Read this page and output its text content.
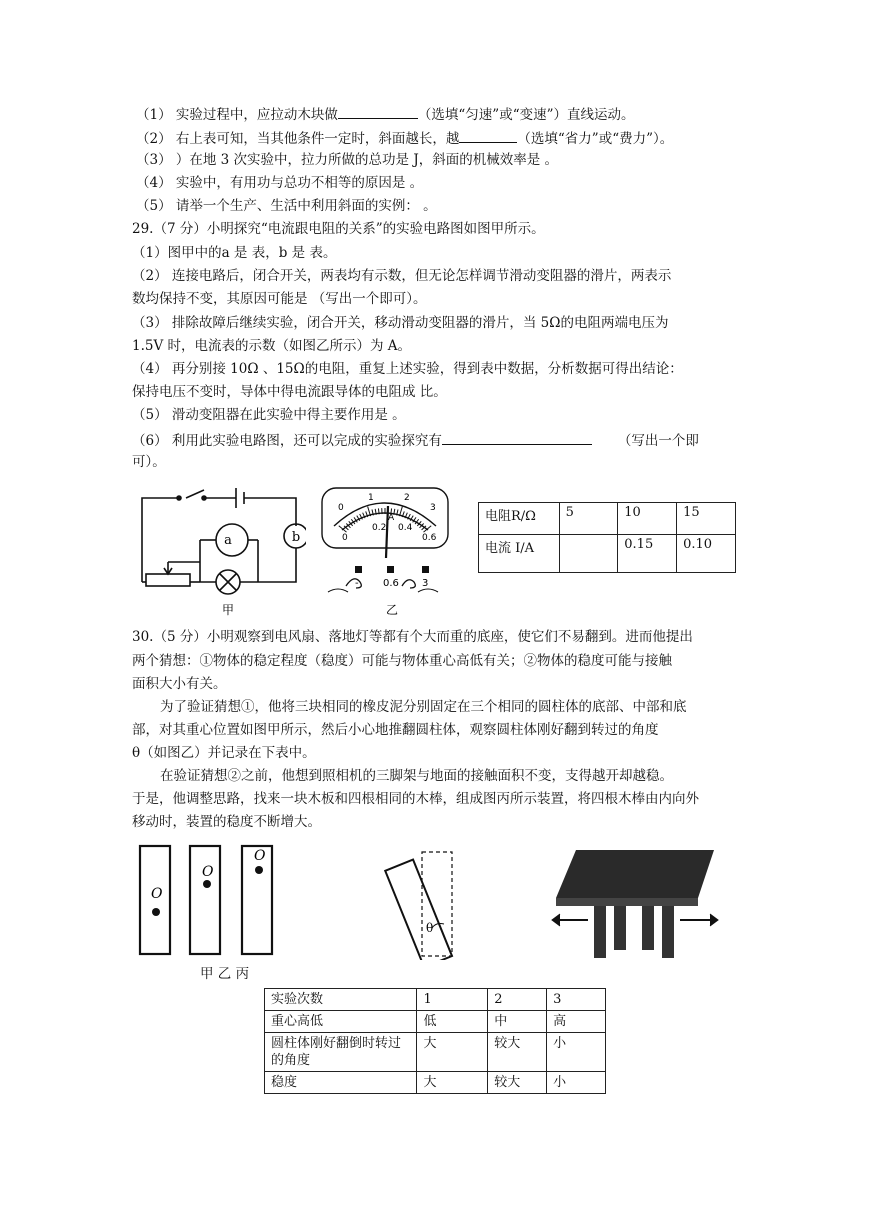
（1） 实验过程中，应拉动木块做	（选填“匀速”或“变速”）直线运动。
（2） 右上表可知，当其他条件一定时，斜面越长，越	（选填“省力”或“费力”）。
（3） ）在地 3 次实验中，拉力所做的总功是 J，斜面的机械效率是 。
（4） 实验中，有用功与总功不相等的原因是 。
（5） 请举一个生产、生活中利用斜面的实例： 。
29.（7 分）小明探究“电流跟电阻的关系”的实验电路图如图甲所示。
（1）图甲中的a 是 表，b 是 表。
（2） 连接电路后，闭合开关，两表均有示数，但无论怎样调节滑动变阻器的滑片，两表示
数均保持不变，其原因可能是 （写出一个即可）。
（3） 排除故障后继续实验，闭合开关，移动滑动变阻器的滑片，当 5Ω的电阻两端电压为
1.5V 时，电流表的示数（如图乙所示）为 A。
（4） 再分别接 10Ω 、15Ω的电阻，重复上述实验，得到表中数据，分析数据可得出结论：
保持电压不变时，导体中得电流跟导体的电阻成 比。
（5） 滑动变阻器在此实验中得主要作用是 。
（6） 利用此实验电路图，还可以完成的实验探究有	（写出一个即
可）。
a	b
甲
0
1	2
3
0
0.2 0.4
0.6
A
- 0.6 3
乙
电阻R/Ω	5	10	15
电流 I/A		0.15	0.10
30.（5 分）小明观察到电风扇、落地灯等都有个大而重的底座，使它们不易翻到。进而他提出
两个猜想：①物体的稳定程度（稳度）可能与物体重心高低有关；②物体的稳度可能与接触
面积大小有关。
为了验证猜想①，他将三块相同的橡皮泥分别固定在三个相同的圆柱体的底部、中部和底
部，对其重心位置如图甲所示，然后小心地推翻圆柱体，观察圆柱体刚好翻到转过的角度
θ（如图乙）并记录在下表中。
在验证猜想②之前，他想到照相机的三脚架与地面的接触面积不变，支得越开却越稳。
于是，他调整思路，找来一块木板和四根相同的木棒，组成图丙所示装置，将四根木棒由内向外
移动时，装置的稳度不断增大。
O
O
O
甲 乙 丙
θ
实验次数	1	2	3
重心高低	低	中	高
圆柱体刚好翻倒时转过的角度	大	较大	小
稳度	大	较大	小
